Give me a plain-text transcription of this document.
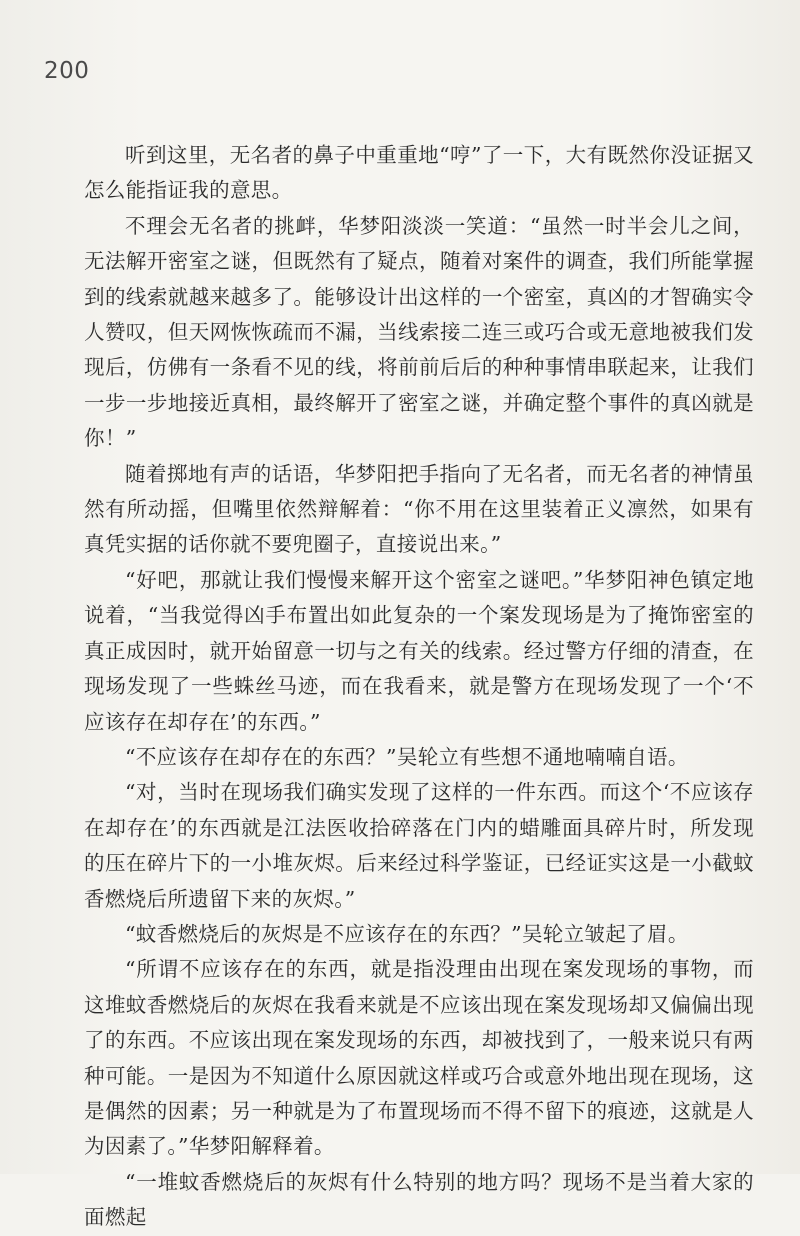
200

听到这里，无名者的鼻子中重重地“哼”了一下，大有既然你没证据又怎么能指证我的意思。

不理会无名者的挑衅，华梦阳淡淡一笑道：“虽然一时半会儿之间，无法解开密室之谜，但既然有了疑点，随着对案件的调查，我们所能掌握到的线索就越来越多了。能够设计出这样的一个密室，真凶的才智确实令人赞叹，但天网恢恢疏而不漏，当线索接二连三或巧合或无意地被我们发现后，仿佛有一条看不见的线，将前前后后的种种事情串联起来，让我们一步一步地接近真相，最终解开了密室之谜，并确定整个事件的真凶就是你！”

随着掷地有声的话语，华梦阳把手指向了无名者，而无名者的神情虽然有所动摇，但嘴里依然辩解着：“你不用在这里装着正义凛然，如果有真凭实据的话你就不要兜圈子，直接说出来。”

“好吧，那就让我们慢慢来解开这个密室之谜吧。”华梦阳神色镇定地说着，“当我觉得凶手布置出如此复杂的一个案发现场是为了掩饰密室的真正成因时，就开始留意一切与之有关的线索。经过警方仔细的清查，在现场发现了一些蛛丝马迹，而在我看来，就是警方在现场发现了一个‘不应该存在却存在’的东西。”

“不应该存在却存在的东西？”吴轮立有些想不通地喃喃自语。

“对，当时在现场我们确实发现了这样的一件东西。而这个‘不应该存在却存在’的东西就是江法医收拾碎落在门内的蜡雕面具碎片时，所发现的压在碎片下的一小堆灰烬。后来经过科学鉴证，已经证实这是一小截蚊香燃烧后所遗留下来的灰烬。”

“蚊香燃烧后的灰烬是不应该存在的东西？”吴轮立皱起了眉。

“所谓不应该存在的东西，就是指没理由出现在案发现场的事物，而这堆蚊香燃烧后的灰烬在我看来就是不应该出现在案发现场却又偏偏出现了的东西。不应该出现在案发现场的东西，却被找到了，一般来说只有两种可能。一是因为不知道什么原因就这样或巧合或意外地出现在现场，这是偶然的因素；另一种就是为了布置现场而不得不留下的痕迹，这就是人为因素了。”华梦阳解释着。

“一堆蚊香燃烧后的灰烬有什么特别的地方吗？现场不是当着大家的面燃起
